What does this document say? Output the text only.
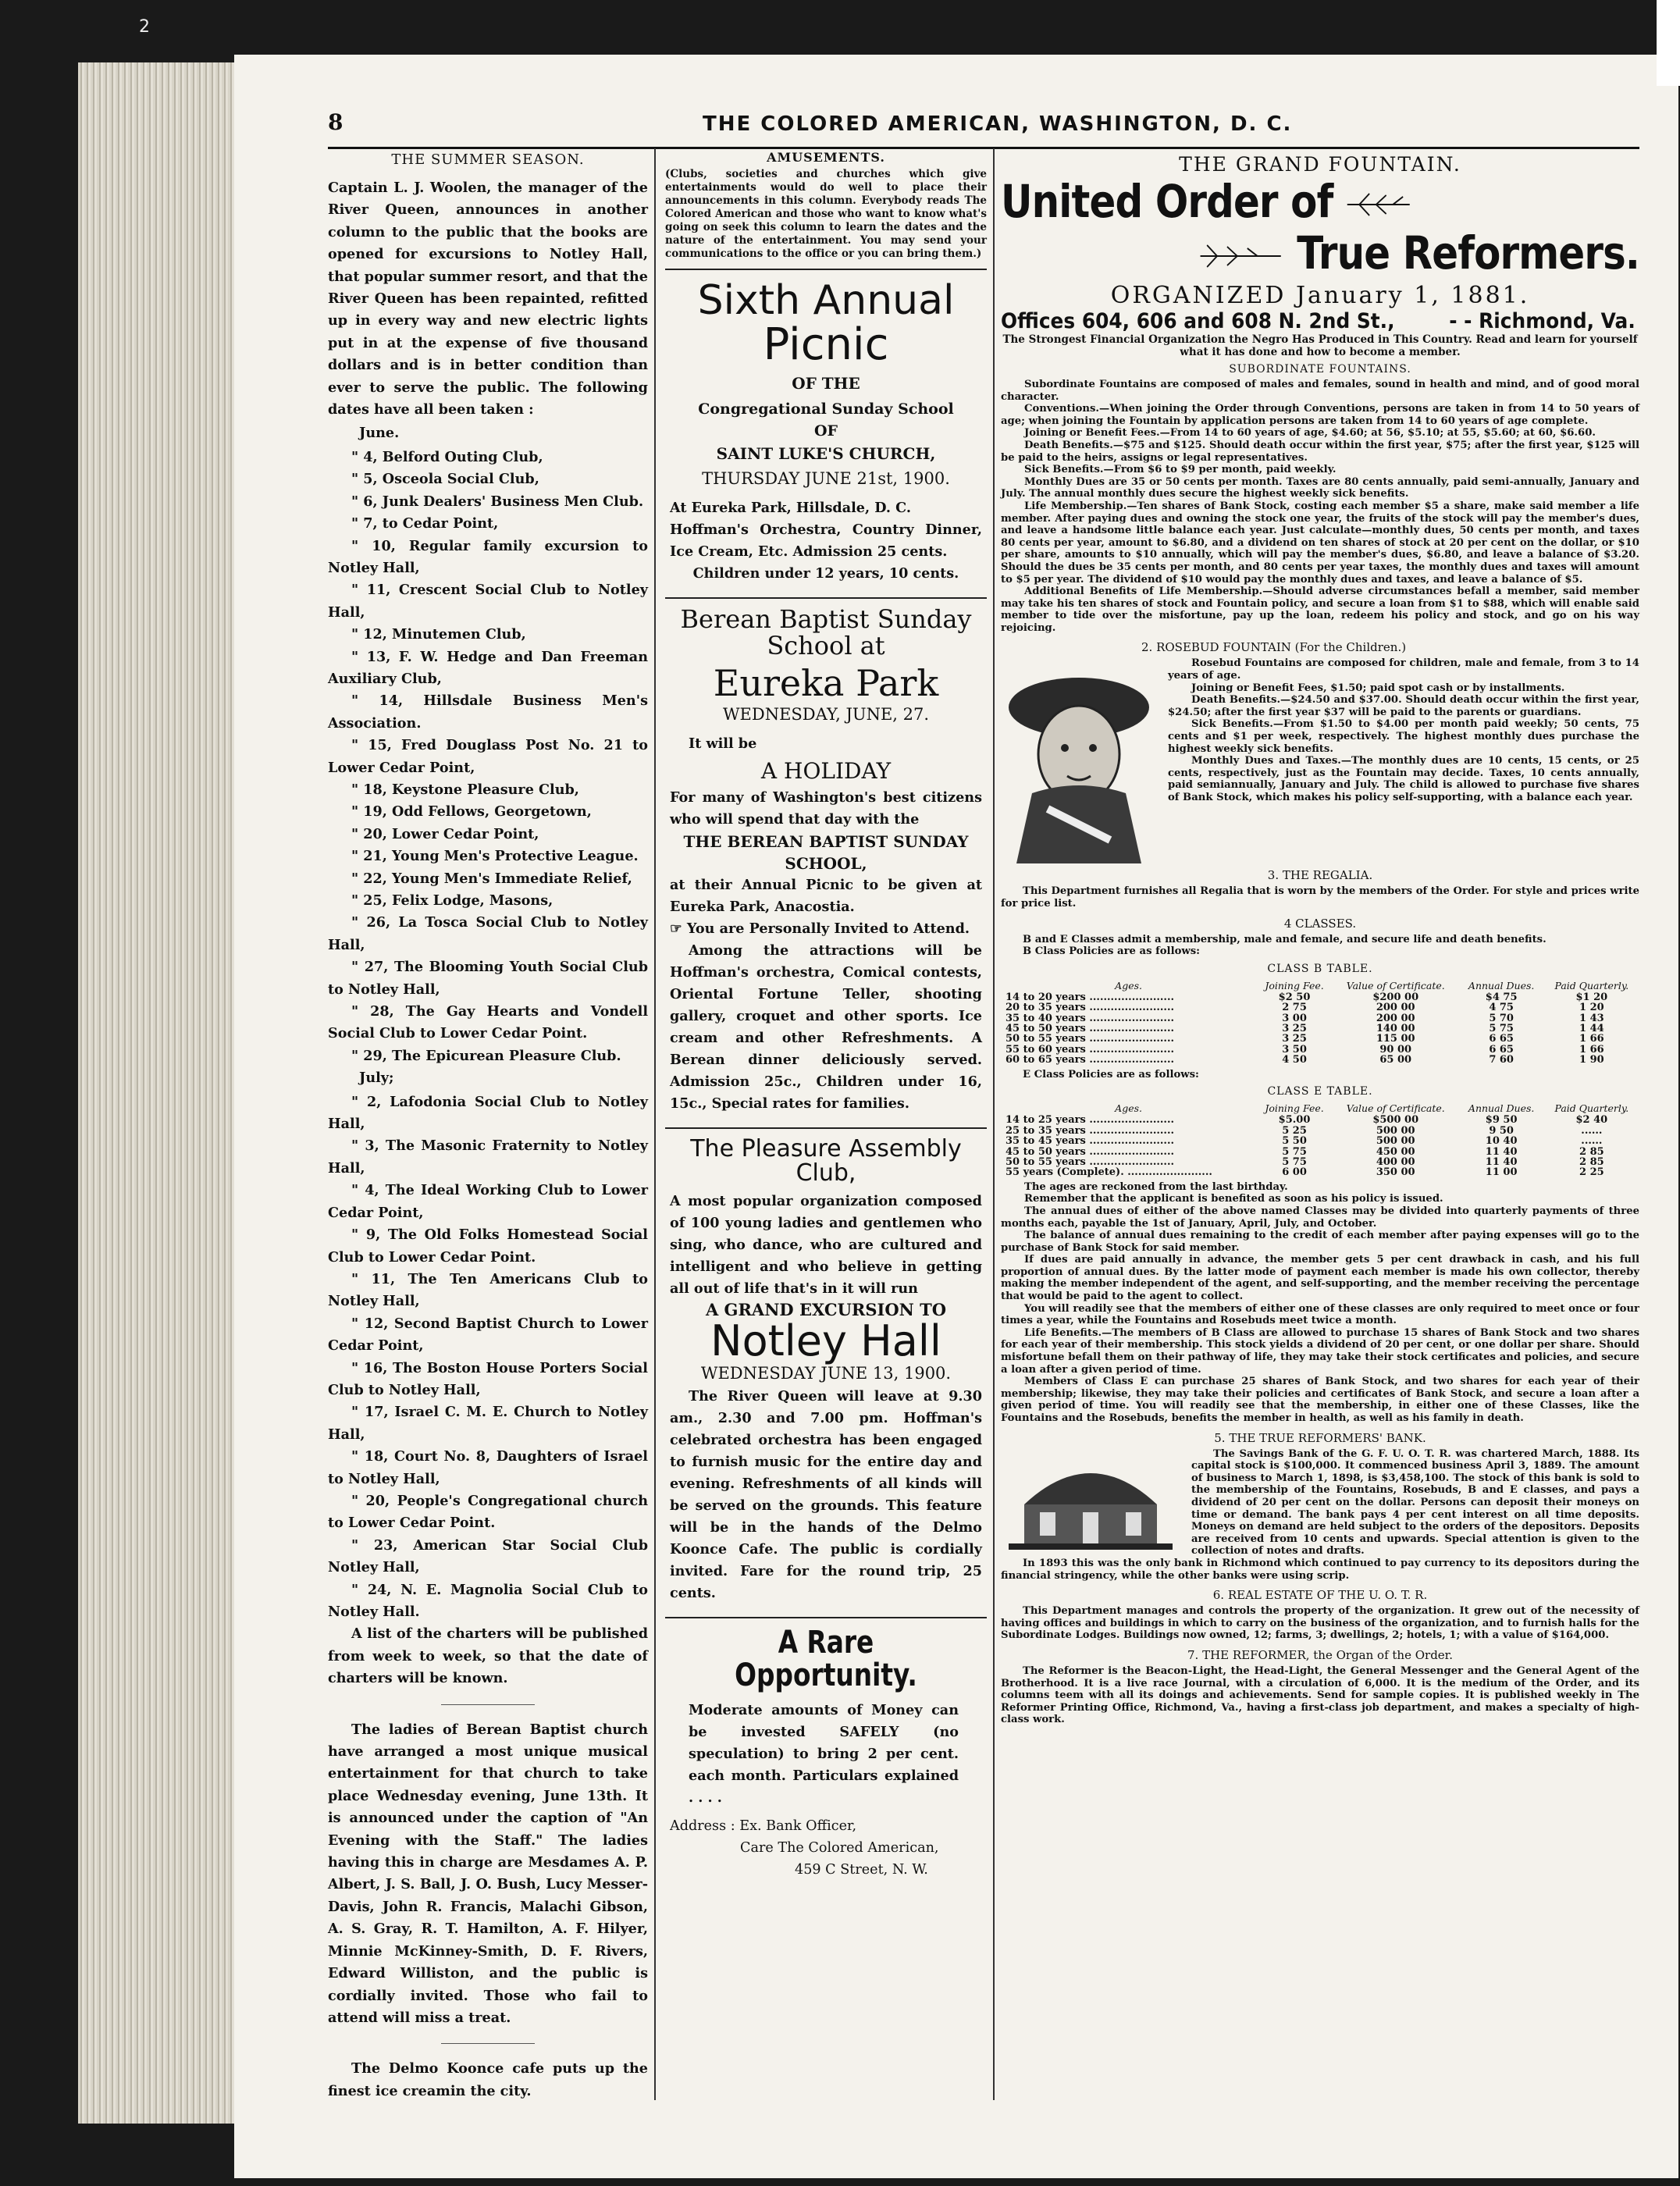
2
8	THE COLORED AMERICAN, WASHINGTON, D. C.
THE SUMMER SEASON.

Captain L. J. Woolen, the manager of the River Queen, announces in another column to the public that the books are opened for excursions to Notley Hall, that popular summer resort, and that the River Queen has been repainted, refitted up in every way and new electric lights put in at the expense of five thousand dollars and is in better condition than ever to serve the public. The following dates have all been taken :

June.

" 4, Belford Outing Club,

" 5, Osceola Social Club,

" 6, Junk Dealers' Business Men Club.

" 7, to Cedar Point,

" 10, Regular family excursion to Notley Hall,

" 11, Crescent Social Club to Notley Hall,

" 12, Minutemen Club,

" 13, F. W. Hedge and Dan Freeman Auxiliary Club,

" 14, Hillsdale Business Men's Association.

" 15, Fred Douglass Post No. 21 to Lower Cedar Point,

" 18, Keystone Pleasure Club,

" 19, Odd Fellows, Georgetown,

" 20, Lower Cedar Point,

" 21, Young Men's Protective League.

" 22, Young Men's Immediate Relief,

" 25, Felix Lodge, Masons,

" 26, La Tosca Social Club to Notley Hall,

" 27, The Blooming Youth Social Club to Notley Hall,

" 28, The Gay Hearts and Vondell Social Club to Lower Cedar Point.

" 29, The Epicurean Pleasure Club.

July;

" 2, Lafodonia Social Club to Notley Hall,

" 3, The Masonic Fraternity to Notley Hall,

" 4, The Ideal Working Club to Lower Cedar Point,

" 9, The Old Folks Homestead Social Club to Lower Cedar Point.

" 11, The Ten Americans Club to Notley Hall,

" 12, Second Baptist Church to Lower Cedar Point,

" 16, The Boston House Porters Social Club to Notley Hall,

" 17, Israel C. M. E. Church to Notley Hall,

" 18, Court No. 8, Daughters of Israel to Notley Hall,

" 20, People's Congregational church to Lower Cedar Point.

" 23, American Star Social Club Notley Hall,

" 24, N. E. Magnolia Social Club to Notley Hall.

A list of the charters will be published from week to week, so that the date of charters will be known.

The ladies of Berean Baptist church have arranged a most unique musical entertainment for that church to take place Wednesday evening, June 13th. It is announced under the caption of "An Evening with the Staff." The ladies having this in charge are Mesdames A. P. Albert, J. S. Ball, J. O. Bush, Lucy Messer-Davis, John R. Francis, Malachi Gibson, A. S. Gray, R. T. Hamilton, A. F. Hilyer, Minnie McKinney-Smith, D. F. Rivers, Edward Williston, and the public is cordially invited. Those who fail to attend will miss a treat.

The Delmo Koonce cafe puts up the finest ice creamin the city.

AMUSEMENTS.
(Clubs, societies and churches which give entertainments would do well to place their announcements in this column. Everybody reads The Colored American and those who want to know what's going on seek this column to learn the dates and the nature of the entertainment. You may send your communications to the office or you can bring them.)
Sixth Annual
Picnic
OF THE
Congregational Sunday School
OF
SAINT LUKE'S CHURCH,
THURSDAY JUNE 21st, 1900.

At Eureka Park, Hillsdale, D. C.

Hoffman's Orchestra, Country Dinner, Ice Cream, Etc. Admission 25 cents.

Children under 12 years, 10 cents.

Berean Baptist Sunday School at
Eureka Park
WEDNESDAY, JUNE, 27.

It will be

A HOLIDAY

For many of Washington's best citizens who will spend that day with the

THE BEREAN BAPTIST SUNDAY SCHOOL,

at their Annual Picnic to be given at Eureka Park, Anacostia.

☞ You are Personally Invited to Attend.

Among the attractions will be Hoffman's orchestra, Comical contests, Oriental Fortune Teller, shooting gallery, croquet and other sports. Ice cream and other Refreshments. A Berean dinner deliciously served. Admission 25c., Children under 16, 15c., Special rates for families.

The Pleasure Assembly Club,

A most popular organization composed of 100 young ladies and gentlemen who sing, who dance, who are cultured and intelligent and who believe in getting all out of life that's in it will run

A GRAND EXCURSION TO
Notley Hall
WEDNESDAY JUNE 13, 1900.

The River Queen will leave at 9.30 am., 2.30 and 7.00 pm. Hoffman's celebrated orchestra has been engaged to furnish music for the entire day and evening. Refreshments of all kinds will be served on the grounds. This feature will be in the hands of the Delmo Koonce Cafe. The public is cordially invited. Fare for the round trip, 25 cents.

A Rare Opportunity.

Moderate amounts of Money can be invested SAFELY (no speculation) to bring 2 per cent. each month. Particulars explained . . . .

Address : Ex. Bank Officer,

Care The Colored American,

459 C Street, N. W.

THE GRAND FOUNTAIN.
United Order of
True Reformers.
ORGANIZED January 1, 1881.
Offices 604, 606 and 608 N. 2nd St.,	- - Richmond, Va.
The Strongest Financial Organization the Negro Has Produced in This Country. Read and learn for yourself what it has done and how to become a member.
SUBORDINATE FOUNTAINS.

Subordinate Fountains are composed of males and females, sound in health and mind, and of good moral character.

Conventions.—When joining the Order through Conventions, persons are taken in from 14 to 50 years of age; when joining the Fountain by application persons are taken from 14 to 60 years of age complete.

Joining or Benefit Fees.—From 14 to 60 years of age, $4.60; at 56, $5.10; at 55, $5.60; at 60, $6.60.

Death Benefits.—$75 and $125. Should death occur within the first year, $75; after the first year, $125 will be paid to the heirs, assigns or legal representatives.

Sick Benefits.—From $6 to $9 per month, paid weekly.

Monthly Dues are 35 or 50 cents per month. Taxes are 80 cents annually, paid semi-annually, January and July. The annual monthly dues secure the highest weekly sick benefits.

Life Membership.—Ten shares of Bank Stock, costing each member $5 a share, make said member a life member. After paying dues and owning the stock one year, the fruits of the stock will pay the member's dues, and leave a handsome little balance each year. Just calculate—monthly dues, 50 cents per month, and taxes 80 cents per year, amount to $6.80, and a dividend on ten shares of stock at 20 per cent on the dollar, or $10 per share, amounts to $10 annually, which will pay the member's dues, $6.80, and leave a balance of $3.20. Should the dues be 35 cents per month, and 80 cents per year taxes, the monthly dues and taxes will amount to $5 per year. The dividend of $10 would pay the monthly dues and taxes, and leave a balance of $5.

Additional Benefits of Life Membership.—Should adverse circumstances befall a member, said member may take his ten shares of stock and Fountain policy, and secure a loan from $1 to $88, which will enable said member to tide over the misfortune, pay up the loan, redeem his policy and stock, and go on his way rejoicing.

2. ROSEBUD FOUNTAIN (For the Children.)

Rosebud Fountains are composed for children, male and female, from 3 to 14 years of age.

Joining or Benefit Fees, $1.50; paid spot cash or by installments.

Death Benefits.—$24.50 and $37.00. Should death occur within the first year, $24.50; after the first year $37 will be paid to the parents or guardians.

Sick Benefits.—From $1.50 to $4.00 per month paid weekly; 50 cents, 75 cents and $1 per week, respectively. The highest monthly dues purchase the highest weekly sick benefits.

Monthly Dues and Taxes.—The monthly dues are 10 cents, 15 cents, or 25 cents, respectively, just as the Fountain may decide. Taxes, 10 cents annually, paid semiannually, January and July. The child is allowed to purchase five shares of Bank Stock, which makes his policy self-supporting, with a balance each year.

3. THE REGALIA.

This Department furnishes all Regalia that is worn by the members of the Order. For style and prices write for price list.

4 CLASSES.

B and E Classes admit a membership, male and female, and secure life and death benefits.

B Class Policies are as follows:

CLASS B TABLE.
Ages.	Joining Fee.	Value of Certificate.	Annual Dues.	Paid Quarterly.
14 to 20 years ........................	$2 50	$200 00	$4 75	$1 20
20 to 35 years ........................	2 75	200 00	4 75	1 20
35 to 40 years ........................	3 00	200 00	5 70	1 43
45 to 50 years ........................	3 25	140 00	5 75	1 44
50 to 55 years ........................	3 25	115 00	6 65	1 66
55 to 60 years ........................	3 50	90 00	6 65	1 66
60 to 65 years ........................	4 50	65 00	7 60	1 90

E Class Policies are as follows:

CLASS E TABLE.
Ages.	Joining Fee.	Value of Certificate.	Annual Dues.	Paid Quarterly.
14 to 25 years ........................	$5.00	$500 00	$9 50	$2 40
25 to 35 years ........................	5 25	500 00	9 50	......
35 to 45 years ........................	5 50	500 00	10 40	......
45 to 50 years ........................	5 75	450 00	11 40	2 85
50 to 55 years ........................	5 75	400 00	11 40	2 85
55 years (Complete). ........................	6 00	350 00	11 00	2 25

The ages are reckoned from the last birthday.

Remember that the applicant is benefited as soon as his policy is issued.

The annual dues of either of the above named Classes may be divided into quarterly payments of three months each, payable the 1st of January, April, July, and October.

The balance of annual dues remaining to the credit of each member after paying expenses will go to the purchase of Bank Stock for said member.

If dues are paid annually in advance, the member gets 5 per cent drawback in cash, and his full proportion of annual dues. By the latter mode of payment each member is made his own collector, thereby making the member independent of the agent, and self-supporting, and the member receiving the percentage that would be paid to the agent to collect.

You will readily see that the members of either one of these classes are only required to meet once or four times a year, while the Fountains and Rosebuds meet twice a month.

Life Benefits.—The members of B Class are allowed to purchase 15 shares of Bank Stock and two shares for each year of their membership. This stock yields a dividend of 20 per cent, or one dollar per share. Should misfortune befall them on their pathway of life, they may take their stock certificates and policies, and secure a loan after a given period of time.

Members of Class E can purchase 25 shares of Bank Stock, and two shares for each year of their membership; likewise, they may take their policies and certificates of Bank Stock, and secure a loan after a given period of time. You will readily see that the membership, in either one of these Classes, like the Fountains and the Rosebuds, benefits the member in health, as well as his family in death.

5. THE TRUE REFORMERS' BANK.

The Savings Bank of the G. F. U. O. T. R. was chartered March, 1888. Its capital stock is $100,000. It commenced business April 3, 1889. The amount of business to March 1, 1898, is $3,458,100. The stock of this bank is sold to the membership of the Fountains, Rosebuds, B and E classes, and pays a dividend of 20 per cent on the dollar. Persons can deposit their moneys on time or demand. The bank pays 4 per cent interest on all time deposits. Moneys on demand are held subject to the orders of the depositors. Deposits are received from 10 cents and upwards. Special attention is given to the collection of notes and drafts.

In 1893 this was the only bank in Richmond which continued to pay currency to its depositors during the financial stringency, while the other banks were using scrip.

6. REAL ESTATE OF THE U. O. T. R.

This Department manages and controls the property of the organization. It grew out of the necessity of having offices and buildings in which to carry on the business of the organization, and to furnish halls for the Subordinate Lodges. Buildings now owned, 12; farms, 3; dwellings, 2; hotels, 1; with a value of $164,000.

7. THE REFORMER, the Organ of the Order.

The Reformer is the Beacon-Light, the Head-Light, the General Messenger and the General Agent of the Brotherhood. It is a live race Journal, with a circulation of 6,000. It is the medium of the Order, and its columns teem with all its doings and achievements. Send for sample copies. It is published weekly in The Reformer Printing Office, Richmond, Va., having a first-class job department, and makes a specialty of high-class work.
